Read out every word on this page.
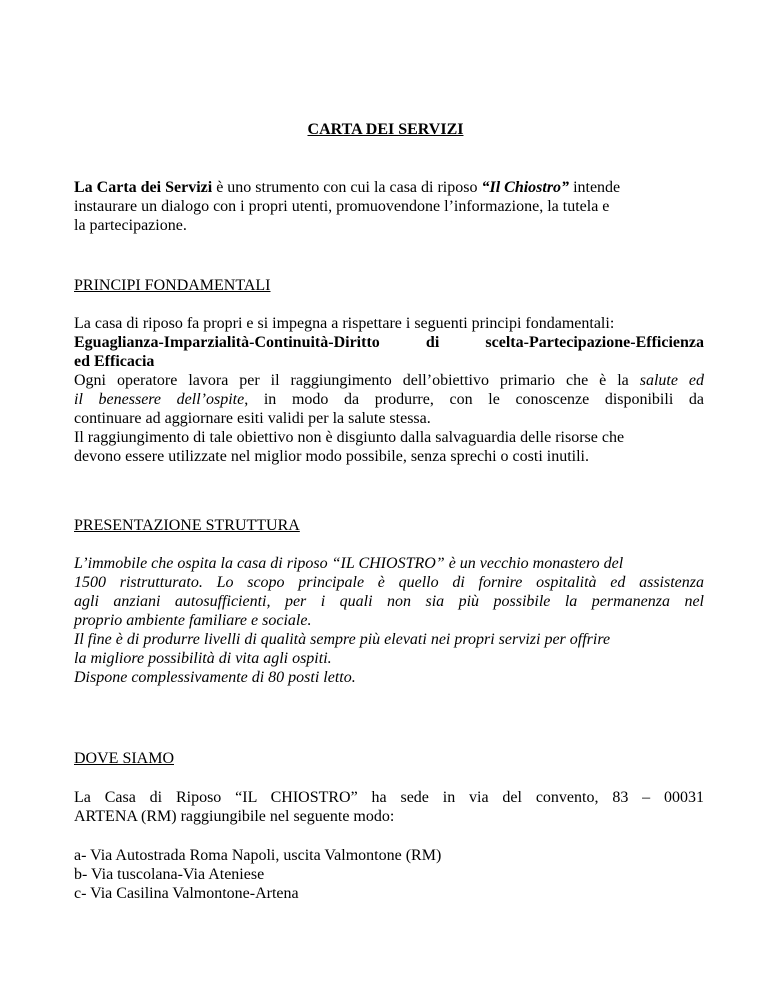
CARTA DEI SERVIZI
La Carta dei Servizi è uno strumento con cui la casa di riposo “Il Chiostro” intende
instaurare un dialogo con i propri utenti, promuovendone l’informazione, la tutela e
la partecipazione.
PRINCIPI FONDAMENTALI
La casa di riposo fa propri e si impegna a rispettare i seguenti principi fondamentali:
Eguaglianza-Imparzialità-Continuità-Diritto di scelta-Partecipazione-Efficienza
ed Efficacia
Ogni operatore lavora per il raggiungimento dell’obiettivo primario che è la salute ed
il benessere dell’ospite, in modo da produrre, con le conoscenze disponibili da
continuare ad aggiornare esiti validi per la salute stessa.
Il raggiungimento di tale obiettivo non è disgiunto dalla salvaguardia delle risorse che
devono essere utilizzate nel miglior modo possibile, senza sprechi o costi inutili.
PRESENTAZIONE STRUTTURA
L’immobile che ospita la casa di riposo “IL CHIOSTRO” è un vecchio monastero del
1500 ristrutturato. Lo scopo principale è quello di fornire ospitalità ed assistenza
agli anziani autosufficienti, per i quali non sia più possibile la permanenza nel
proprio ambiente familiare e sociale.
Il fine è di produrre livelli di qualità sempre più elevati nei propri servizi per offrire
la migliore possibilità di vita agli ospiti.
Dispone complessivamente di 80 posti letto.
DOVE SIAMO
La Casa di Riposo “IL CHIOSTRO” ha sede in via del convento, 83 – 00031
ARTENA (RM) raggiungibile nel seguente modo:
a- Via Autostrada Roma Napoli, uscita Valmontone (RM)
b- Via tuscolana-Via Ateniese
c- Via Casilina Valmontone-Artena
